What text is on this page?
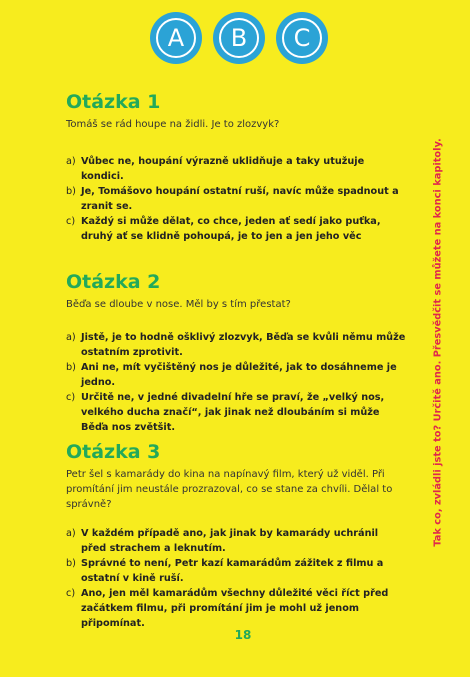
A B C
Otázka 1
Tomáš se rád houpe na židli. Je to zlozvyk?
a) Vůbec ne, houpání výrazně uklidňuje a taky utužuje kondici.
b) Je, Tomášovo houpání ostatní ruší, navíc může spadnout a zranit se.
c) Každý si může dělat, co chce, jeden ať sedí jako puťka, druhý ať se klidně pohoupá, je to jen a jen jeho věc
Otázka 2
Běďa se dloube v nose. Měl by s tím přestat?
a) Jistě, je to hodně ošklivý zlozvyk, Běďa se kvůli němu může ostatním zprotivit.
b) Ani ne, mít vyčištěný nos je důležité, jak to dosáhneme je jedno.
c) Určitě ne, v jedné divadelní hře se praví, že „velký nos, velkého ducha značí“, jak jinak než dloubáním si může Běďa nos zvětšit.
Otázka 3
Petr šel s kamarády do kina na napínavý film, který už viděl. Při promítání jim neustále prozrazoval, co se stane za chvíli. Dělal to správně?
a) V každém případě ano, jak jinak by kamarády uchránil před strachem a leknutím.
b) Správné to není, Petr kazí kamarádům zážitek z filmu a ostatní v kině ruší.
c) Ano, jen měl kamarádům všechny důležité věci říct před začátkem filmu, při promítání jim je mohl už jenom připomínat.
Tak co, zvládli jste to? Určitě ano. Přesvědčit se můžete na konci kapitoly.
18
